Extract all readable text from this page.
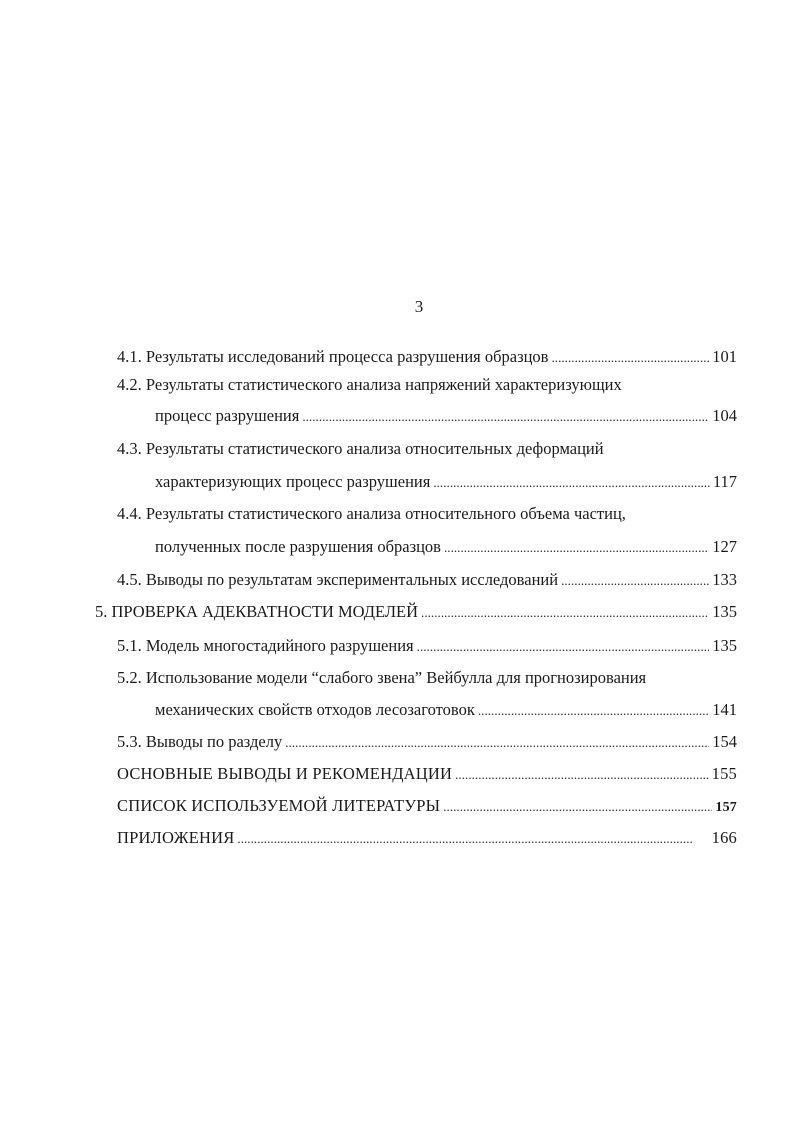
3
4.1. Результаты исследований процесса разрушения образцов . . .	101
4.2. Результаты статистического анализа напряжений характеризующих
процесс разрушения . . .	104
4.3. Результаты статистического анализа относительных деформаций
характеризующих процесс разрушения . . .	117
4.4. Результаты статистического анализа относительного объема частиц,
полученных после разрушения образцов . . .	127
4.5. Выводы по результатам экспериментальных исследований . . .	133
5. ПРОВЕРКА АДЕКВАТНОСТИ МОДЕЛЕЙ . . .	135
5.1. Модель многостадийного разрушения . . .	135
5.2. Использование модели “слабого звена” Вейбулла для прогнозирования
механических свойств отходов лесозаготовок . . .	141
5.3. Выводы по разделу . . .	154
ОСНОВНЫЕ ВЫВОДЫ И РЕКОМЕНДАЦИИ . . .	155
СПИСОК ИСПОЛЬЗУЕМОЙ ЛИТЕРАТУРЫ . . .	157
ПРИЛОЖЕНИЯ . . .	166
